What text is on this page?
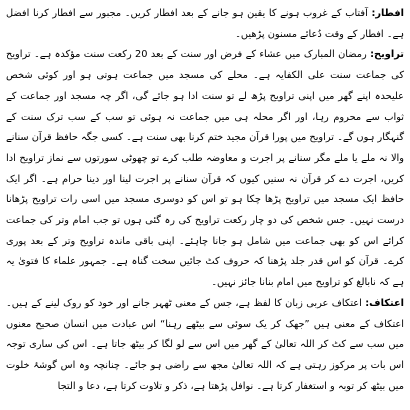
افطار: آفتاب کے غروب ہونے کا یقین ہو جانے کے بعد افطار کریں۔ مجبور سے افطار کرنا افضل ہے۔ افطار کے وقت دُعائے مسنون پڑھیں۔

تراویح: رمضان المبارک میں عشاء کے فرض اور سنت کے بعد 20 رکعت سنت مؤکدہ ہے۔ تراویح کی جماعت سنت علی الکفایہ ہے۔ محلے کی مسجد میں جماعت ہوتی ہو اور کوئی شخص علیحدہ اپنے گھر میں اپنی تراویح پڑھ لے تو سنت ادا ہو جائے گی، اگر چہ مسجد اور جماعت کے ثواب سے محروم رہا، اور اگر محلہ ہی میں جماعت نہ ہوئی تو سب کے سب ترک سنت کے گنہگار ہوں گے۔ تراویح میں پورا قرآن مجید ختم کرنا بھی سنت ہے۔ کسی جگہ حافظ قرآن سنانے والا نہ ملے یا ملے مگر سنانے پر اجرت و معاوضہ طلب کرے تو چھوٹی سورتوں سے نماز تراویح ادا کریں، اجرت دے کر قرآن نہ سنیں کیوں کہ قرآن سنانے پر اجرت لینا اور دینا حرام ہے۔ اگر ایک حافظ ایک مسجد میں تراویح پڑھا چکا ہو تو اس کو دوسری مسجد میں اسی رات تراویح پڑھانا درست نہیں۔ جس شخص کی دو چار رکعت تراویح کی رہ گئی ہوں تو جب امام وتر کی جماعت کرائے اس کو بھی جماعت میں شامل ہو جانا چاہئے۔ اپنی باقی ماندہ تراویح وتر کے بعد پوری کرے۔ قرآن کو اس قدر جلد پڑھنا کہ حروف کٹ جائیں سخت گناہ ہے۔ جمہور علماء کا فتویٰ یہ ہے کہ نابالغ کو تراویح میں امام بنانا جائز نہیں۔

اعتکاف: اعتکاف عربی زبان کا لفظ ہے، جس کے معنی ٹھہر جانے اور خود کو روک لینے کے ہیں۔ اعتکاف کے معنی ہیں ”جھک کر یک سوئی سے بیٹھے رہنا“ اس عبادت میں انسان صحیح معنوں میں سب سے کٹ کر اللہ تعالیٰ کے گھر میں اس سے لو لگا کر بیٹھ جاتا ہے۔ اس کی ساری توجہ اس بات پر مرکوز رہتی ہے کہ اللہ تعالیٰ مجھ سے راضی ہو جائے۔ چنانچہ وہ اس گوشۂ خلوت میں بیٹھ کر توبہ و استغفار کرتا ہے۔ نوافل پڑھتا ہے، ذکر و تلاوت کرتا ہے، دعا و التجا
